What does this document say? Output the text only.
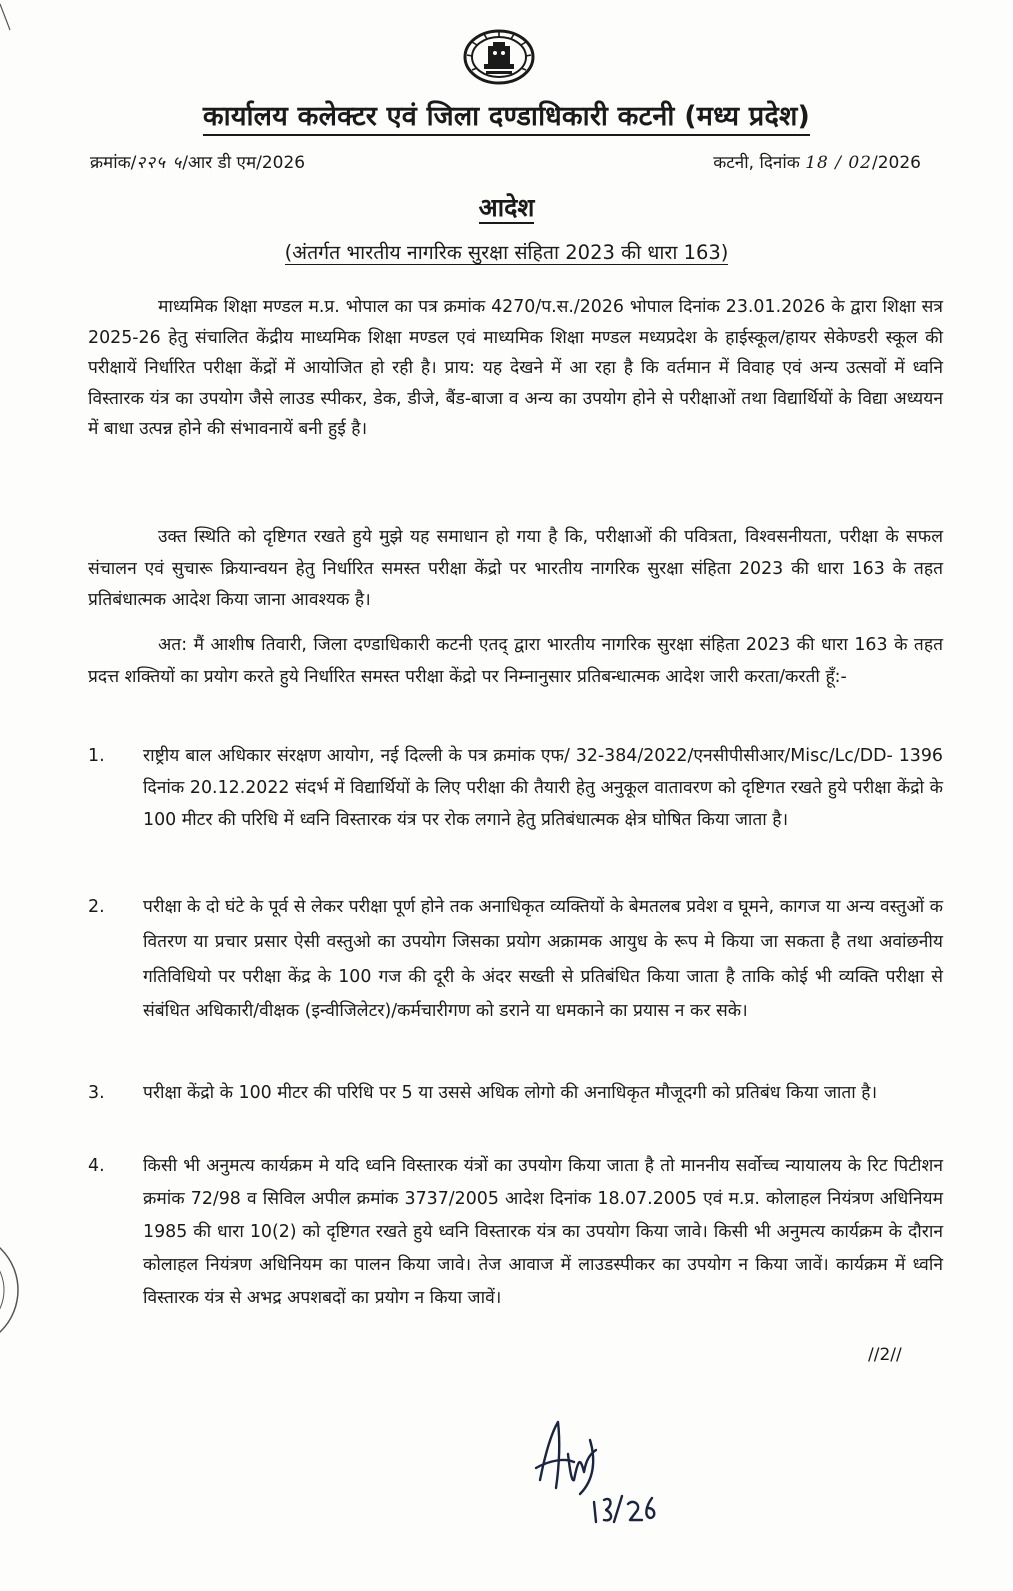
कार्यालय कलेक्टर एवं जिला दण्डाधिकारी कटनी (मध्य प्रदेश)
क्रमांक/२२५ ५/आर डी एम/2026	कटनी, दिनांक 18 / 02/2026
आदेश
(अंतर्गत भारतीय नागरिक सुरक्षा संहिता 2023 की धारा 163)

माध्यमिक शिक्षा मण्डल म.प्र. भोपाल का पत्र क्रमांक 4270/प.स./2026 भोपाल दिनांक 23.01.2026 के द्वारा शिक्षा सत्र 2025-26 हेतु संचालित केंद्रीय माध्यमिक शिक्षा मण्डल एवं माध्यमिक शिक्षा मण्डल मध्यप्रदेश के हाईस्कूल/हायर सेकेण्डरी स्कूल की परीक्षायें निर्धारित परीक्षा केंद्रों में आयोजित हो रही है। प्राय: यह देखने में आ रहा है कि वर्तमान में विवाह एवं अन्य उत्सवों में ध्वनि विस्तारक यंत्र का उपयोग जैसे लाउड स्पीकर, डेक, डीजे, बैंड-बाजा व अन्य का उपयोग होने से परीक्षाओं तथा विद्यार्थियों के विद्या अध्ययन में बाधा उत्पन्न होने की संभावनायें बनी हुई है।

उक्त स्थिति को दृष्टिगत रखते हुये मुझे यह समाधान हो गया है कि, परीक्षाओं की पवित्रता, विश्वसनीयता, परीक्षा के सफल संचालन एवं सुचारू क्रियान्वयन हेतु निर्धारित समस्त परीक्षा केंद्रो पर भारतीय नागरिक सुरक्षा संहिता 2023 की धारा 163 के तहत प्रतिबंधात्मक आदेश किया जाना आवश्यक है।

अत: मैं आशीष तिवारी, जिला दण्डाधिकारी कटनी एतद् द्वारा भारतीय नागरिक सुरक्षा संहिता 2023 की धारा 163 के तहत प्रदत्त शक्तियों का प्रयोग करते हुये निर्धारित समस्त परीक्षा केंद्रो पर निम्नानुसार प्रतिबन्धात्मक आदेश जारी करता/करती हूँ:-

1.	राष्ट्रीय बाल अधिकार संरक्षण आयोग, नई दिल्ली के पत्र क्रमांक एफ/ 32-384/2022/एनसीपीसीआर/Misc/Lc/DD- 1396 दिनांक 20.12.2022 संदर्भ में विद्यार्थियों के लिए परीक्षा की तैयारी हेतु अनुकूल वातावरण को दृष्टिगत रखते हुये परीक्षा केंद्रो के 100 मीटर की परिधि में ध्वनि विस्तारक यंत्र पर रोक लगाने हेतु प्रतिबंधात्मक क्षेत्र घोषित किया जाता है।
2.	परीक्षा के दो घंटे के पूर्व से लेकर परीक्षा पूर्ण होने तक अनाधिकृत व्यक्तियों के बेमतलब प्रवेश व घूमने, कागज या अन्य वस्तुओं क वितरण या प्रचार प्रसार ऐसी वस्तुओ का उपयोग जिसका प्रयोग अक्रामक आयुध के रूप मे किया जा सकता है तथा अवांछनीय गतिविधियो पर परीक्षा केंद्र के 100 गज की दूरी के अंदर सख्ती से प्रतिबंधित किया जाता है ताकि कोई भी व्यक्ति परीक्षा से संबंधित अधिकारी/वीक्षक (इन्वीजिलेटर)/कर्मचारीगण को डराने या धमकाने का प्रयास न कर सके।
3.	परीक्षा केंद्रो के 100 मीटर की परिधि पर 5 या उससे अधिक लोगो की अनाधिकृत मौजूदगी को प्रतिबंध किया जाता है।
4.	किसी भी अनुमत्य कार्यक्रम मे यदि ध्वनि विस्तारक यंत्रों का उपयोग किया जाता है तो माननीय सर्वोच्च न्यायालय के रिट पिटीशन क्रमांक 72/98 व सिविल अपील क्रमांक 3737/2005 आदेश दिनांक 18.07.2005 एवं म.प्र. कोलाहल नियंत्रण अधिनियम 1985 की धारा 10(2) को दृष्टिगत रखते हुये ध्वनि विस्तारक यंत्र का उपयोग किया जावे। किसी भी अनुमत्य कार्यक्रम के दौरान कोलाहल नियंत्रण अधिनियम का पालन किया जावे। तेज आवाज में लाउडस्पीकर का उपयोग न किया जावें। कार्यक्रम में ध्वनि विस्तारक यंत्र से अभद्र अपशबदों का प्रयोग न किया जावें।
//2//
